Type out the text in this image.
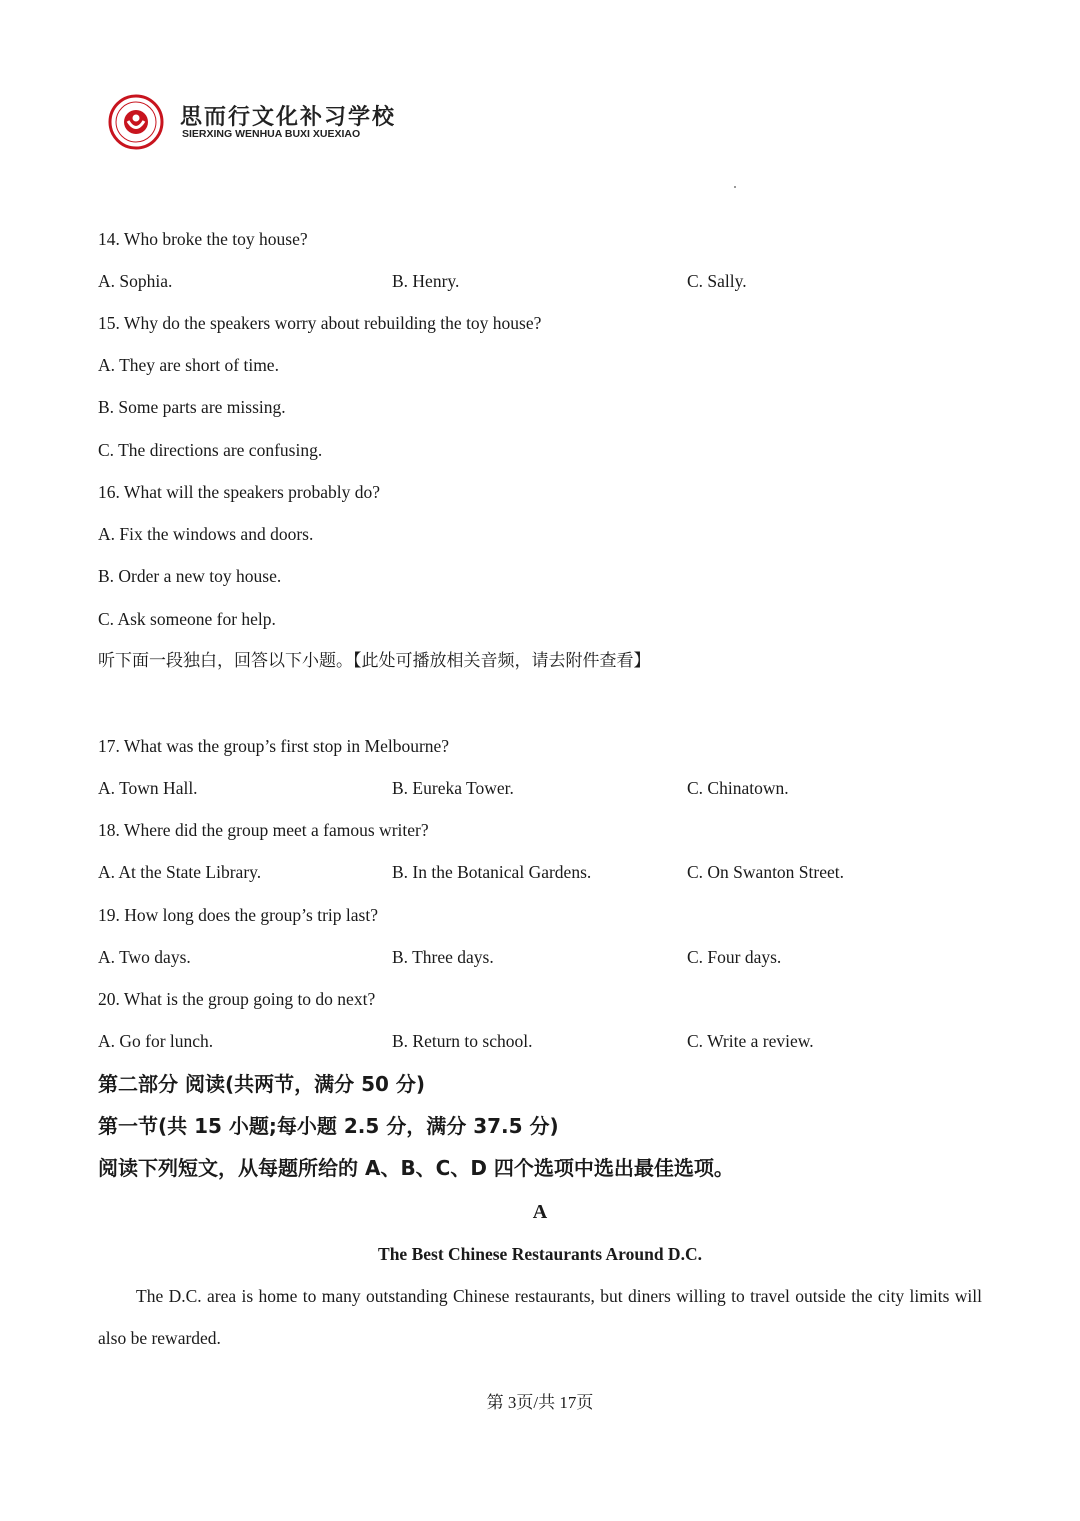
思而行文化补习学校
SIERXING WENHUA BUXI XUEXIAO
14. Who broke the toy house?
A. Sophia.	B. Henry.	C. Sally.
15. Why do the speakers worry about rebuilding the toy house?
A. They are short of time.
B. Some parts are missing.
C. The directions are confusing.
16. What will the speakers probably do?
A. Fix the windows and doors.
B. Order a new toy house.
C. Ask someone for help.
听下面一段独白，回答以下小题。【此处可播放相关音频，请去附件查看】
17. What was the group’s first stop in Melbourne?
A. Town Hall.	B. Eureka Tower.	C. Chinatown.
18. Where did the group meet a famous writer?
A. At the State Library.	B. In the Botanical Gardens.	C. On Swanton Street.
19. How long does the group’s trip last?
A. Two days.	B. Three days.	C. Four days.
20. What is the group going to do next?
A. Go for lunch.	B. Return to school.	C. Write a review.
第二部分 阅读(共两节，满分 50 分)
第一节(共 15 小题;每小题 2.5 分，满分 37.5 分)
阅读下列短文，从每题所给的 A、B、C、D 四个选项中选出最佳选项。
A
The Best Chinese Restaurants Around D.C.
The D.C. area is home to many outstanding Chinese restaurants, but diners willing to travel outside the city limits will also be rewarded.
第 3页/共 17页
